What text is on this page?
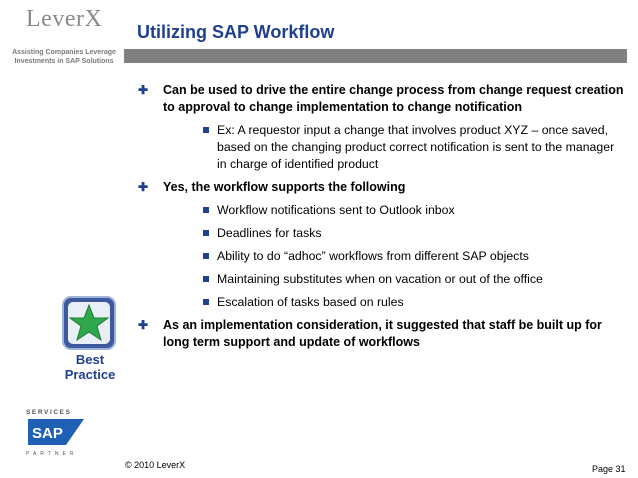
LeverX
Assisting Companies Leverage Investments in SAP Solutions
Utilizing SAP Workflow
✚ Can be used to drive the entire change process from change request creation to approval to change implementation to change notification
Ex: A requestor input a change that involves product XYZ – once saved, based on the changing product correct notification is sent to the manager in charge of identified product
✚ Yes, the workflow supports the following
Workflow notifications sent to Outlook inbox
Deadlines for tasks
Ability to do “adhoc” workflows from different SAP objects
Maintaining substitutes when on vacation or out of the office
Escalation of tasks based on rules
✚ As an implementation consideration, it suggested that staff be built up for long term support and update of workflows
Best
Practice
SERVICES
SAP
PARTNER
© 2010 LeverX	Page 31
